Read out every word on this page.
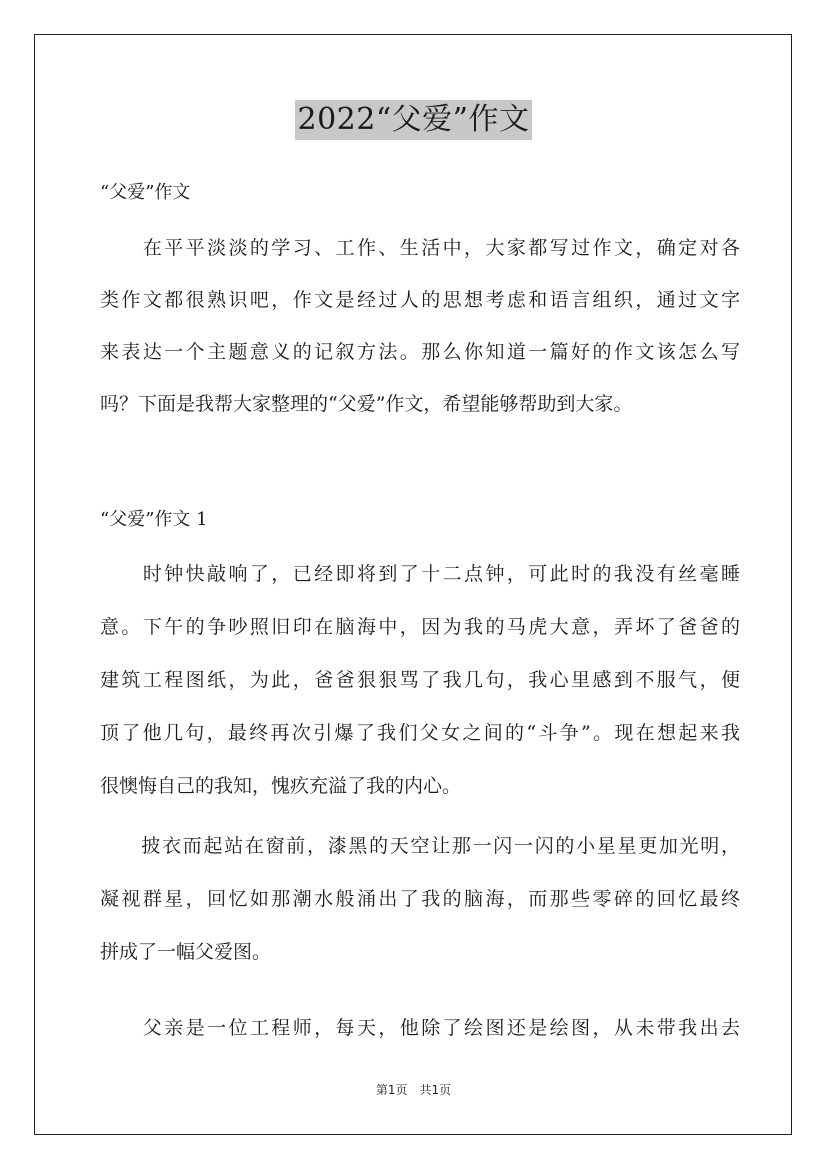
2022“父爱”作文
“父爱”作文
　　在平平淡淡的学习、工作、生活中，大家都写过作文，确定对各
类作文都很熟识吧，作文是经过人的思想考虑和语言组织，通过文字
来表达一个主题意义的记叙方法。那么你知道一篇好的作文该怎么写
吗？下面是我帮大家整理的“父爱”作文，希望能够帮助到大家。
“父爱”作文 1
　　时钟快敲响了，已经即将到了十二点钟，可此时的我没有丝毫睡
意。下午的争吵照旧印在脑海中，因为我的马虎大意，弄坏了爸爸的
建筑工程图纸，为此，爸爸狠狠骂了我几句，我心里感到不服气，便
顶了他几句，最终再次引爆了我们父女之间的“斗争”。现在想起来我
很懊悔自己的我知，愧疚充溢了我的内心。
　　披衣而起站在窗前，漆黑的天空让那一闪一闪的小星星更加光明，
凝视群星，回忆如那潮水般涌出了我的脑海，而那些零碎的回忆最终
拼成了一幅父爱图。
　　父亲是一位工程师，每天，他除了绘图还是绘图，从未带我出去
第1页　共1页
